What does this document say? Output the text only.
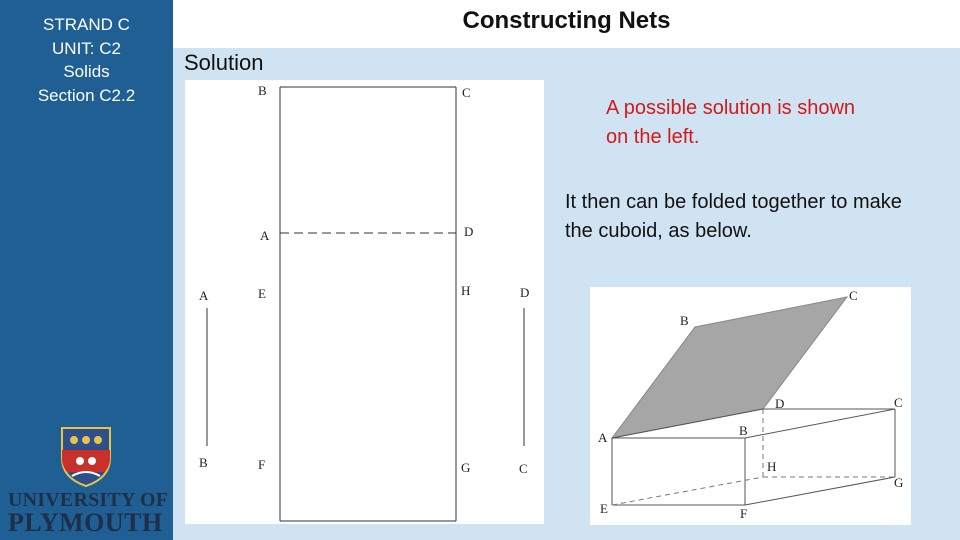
Constructing Nets
STRAND C
UNIT: C2
Solids
Section C2.2
UNIVERSITY OF
PLYMOUTH
Solution
B	C
A	D
A	E	H	D
B	F	G	C
A possible solution is shown on the left.
It then can be folded together to make the cuboid, as below.
B
C
D	C
A	B
H
G
E	F
